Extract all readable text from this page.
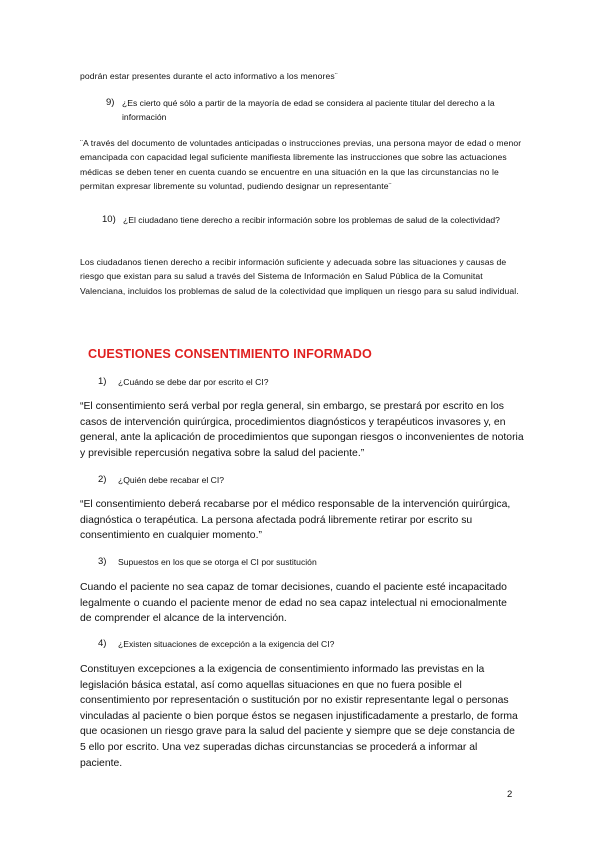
podrán estar presentes durante el acto informativo a los menores¨

9) ¿Es cierto qué sólo a partir de la mayoría de edad se considera al paciente titular del derecho a la información

¨A través del documento de voluntades anticipadas o instrucciones previas, una persona mayor de edad o menor emancipada con capacidad legal suficiente manifiesta libremente las instrucciones que sobre las actuaciones médicas se deben tener en cuenta cuando se encuentre en una situación en la que las circunstancias no le permitan expresar libremente su voluntad, pudiendo designar un representante¨

10) ¿El ciudadano tiene derecho a recibir información sobre los problemas de salud de la colectividad?

Los ciudadanos tienen derecho a recibir información suficiente y adecuada sobre las situaciones y causas de riesgo que existan para su salud a través del Sistema de Información en Salud Pública de la Comunitat Valenciana, incluidos los problemas de salud de la colectividad que impliquen un riesgo para su salud individual.

CUESTIONES CONSENTIMIENTO INFORMADO
1) ¿Cuándo se debe dar por escrito el CI?

“El consentimiento será verbal por regla general, sin embargo, se prestará por escrito en los casos de intervención quirúrgica, procedimientos diagnósticos y terapéuticos invasores y, en general, ante la aplicación de procedimientos que supongan riesgos o inconvenientes de notoria y previsible repercusión negativa sobre la salud del paciente.”

2) ¿Quién debe recabar el CI?

“El consentimiento deberá recabarse por el médico responsable de la intervención quirúrgica, diagnóstica o terapéutica. La persona afectada podrá libremente retirar por escrito su consentimiento en cualquier momento.”

3) Supuestos en los que se otorga el CI por sustitución

Cuando el paciente no sea capaz de tomar decisiones, cuando el paciente esté incapacitado legalmente o cuando el paciente menor de edad no sea capaz intelectual ni emocionalmente de comprender el alcance de la intervención.

4) ¿Existen situaciones de excepción a la exigencia del CI?

Constituyen excepciones a la exigencia de consentimiento informado las previstas en la legislación básica estatal, así como aquellas situaciones en que no fuera posible el consentimiento por representación o sustitución por no existir representante legal o personas vinculadas al paciente o bien porque éstos se negasen injustificadamente a prestarlo, de forma que ocasionen un riesgo grave para la salud del paciente y siempre que se deje constancia de 5 ello por escrito. Una vez superadas dichas circunstancias se procederá a informar al paciente.

2
